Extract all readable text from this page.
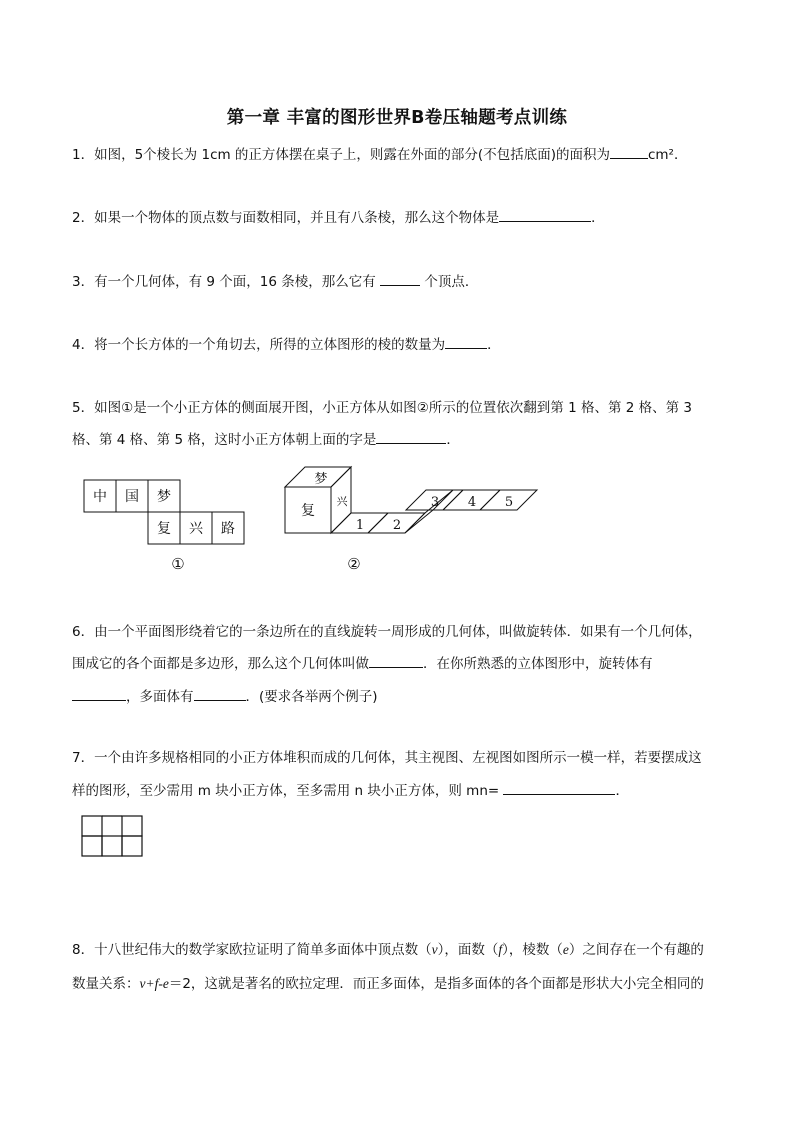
第一章 丰富的图形世界B卷压轴题考点训练
1．如图，5个棱长为 1cm 的正方体摆在桌子上，则露在外面的部分(不包括底面)的面积为	cm²．
2．如果一个物体的顶点数与面数相同，并且有八条棱，那么这个物体是	．
3．有一个几何体，有 9 个面，16 条棱，那么它有	个顶点．
4．将一个长方体的一个角切去，所得的立体图形的棱的数量为	．
5．如图①是一个小正方体的侧面展开图，小正方体从如图②所示的位置依次翻到第 1 格、第 2 格、第 3
格、第 4 格、第 5 格，这时小正方体朝上面的字是	．
中 国 梦
复 兴 路
①
梦
复
兴
1 2
3 4 5
②
6．由一个平面图形绕着它的一条边所在的直线旋转一周形成的几何体，叫做旋转体．如果有一个几何体，
围成它的各个面都是多边形，那么这个几何体叫做	．在你所熟悉的立体图形中，旋转体有
，多面体有	．(要求各举两个例子)
7．一个由许多规格相同的小正方体堆积而成的几何体，其主视图、左视图如图所示一模一样，若要摆成这
样的图形，至少需用 m 块小正方体，至多需用 n 块小正方体，则 mn=	．
8．十八世纪伟大的数学家欧拉证明了简单多面体中顶点数（v），面数（f），棱数（e）之间存在一个有趣的
数量关系：v+f-e＝2，这就是著名的欧拉定理．而正多面体，是指多面体的各个面都是形状大小完全相同的
